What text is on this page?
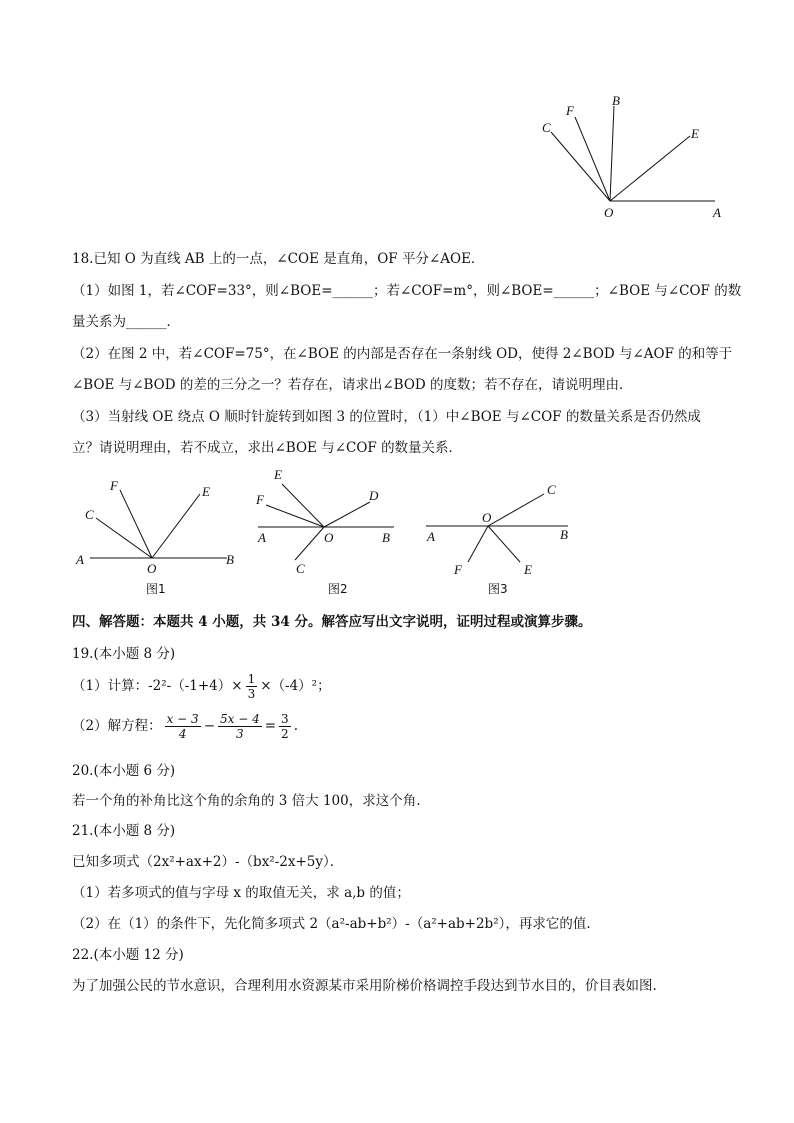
O	A
B
C	E
F
18.已知 O 为直线 AB 上的一点，∠COE 是直角，OF 平分∠AOE．
（1）如图 1，若∠COF=33°，则∠BOE=______；若∠COF=m°，则∠BOE=______；∠BOE 与∠COF 的数
量关系为______．
（2）在图 2 中，若∠COF=75°，在∠BOE 的内部是否存在一条射线 OD，使得 2∠BOD 与∠AOF 的和等于
∠BOE 与∠BOD 的差的三分之一？若存在，请求出∠BOD 的度数；若不存在，请说明理由．
（3）当射线 OE 绕点 O 顺时针旋转到如图 3 的位置时，（1）中∠BOE 与∠COF 的数量关系是否仍然成
立？请说明理由，若不成立，求出∠BOE 与∠COF 的数量关系．
A	B
O
C
F	E
图1
A	B
O
E
F	D
C
图2
A	B
O
C
F	E
图3
四、解答题：本题共 4 小题，共 34 分。解答应写出文字说明，证明过程或演算步骤。
19.(本小题 8 分)
（1）计算：$-2^2-(-1+4)\times \frac{1}{3} \times(-4)^2$；
（2）解方程： $\frac{x - 3}{4} - \frac{5x - 4}{3} = \frac{3}{2}$ .
20.(本小题 6 分)
若一个角的补角比这个角的余角的 3 倍大 100，求这个角.
21.(本小题 8 分)
已知多项式（2x²+ax+2）-（bx²-2x+5y）．
（1）若多项式的值与字母 x 的取值无关，求 a,b 的值；
（2）在（1）的条件下，先化简多项式 2（a²-ab+b²）-（a²+ab+2b²），再求它的值.
22.(本小题 12 分)
为了加强公民的节水意识，合理利用水资源某市采用阶梯价格调控手段达到节水目的，价目表如图.
